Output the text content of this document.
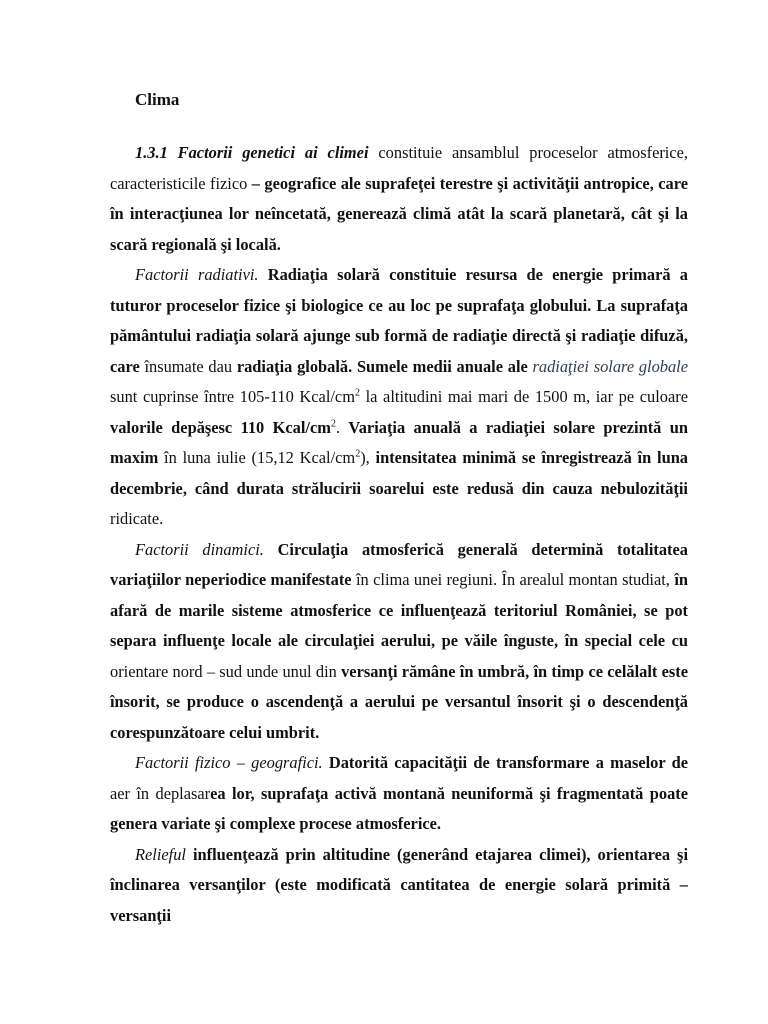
Clima

1.3.1 Factorii genetici ai climei constituie ansamblul proceselor atmosferice, caracteristicile fizico – geografice ale suprafeţei terestre şi activităţii antropice, care în interacţiunea lor neîncetată, generează climă atât la scară planetară, cât şi la scară regională şi locală.

Factorii radiativi. Radiaţia solară constituie resursa de energie primară a tuturor proceselor fizice şi biologice ce au loc pe suprafaţa globului. La suprafaţa pământului radiaţia solară ajunge sub formă de radiaţie directă şi radiaţie difuză, care însumate dau radiaţia globală. Sumele medii anuale ale radiaţiei solare globale sunt cuprinse între 105-110 Kcal/$cm^2$ la altitudini mai mari de 1500 m, iar pe culoare valorile depăşesc 110 Kcal/$cm^2$. Variaţia anuală a radiaţiei solare prezintă un maxim în luna iulie (15,12 Kcal/$cm^2$), intensitatea minimă se înregistrează în luna decembrie, când durata strălucirii soarelui este redusă din cauza nebulozităţii ridicate.

Factorii dinamici. Circulaţia atmosferică generală determină totalitatea variaţiilor neperiodice manifestate în clima unei regiuni. În arealul montan studiat, în afară de marile sisteme atmosferice ce influenţează teritoriul României, se pot separa influenţe locale ale circulaţiei aerului, pe văile înguste, în special cele cu orientare nord – sud unde unul din versanţi rămâne în umbră, în timp ce celălalt este însorit, se produce o ascendenţă a aerului pe versantul însorit şi o descendenţă corespunzătoare celui umbrit.

Factorii fizico – geografici. Datorită capacităţii de transformare a maselor de aer în deplasarea lor, suprafaţa activă montană neuniformă şi fragmentată poate genera variate şi complexe procese atmosferice.

Relieful influenţează prin altitudine (generând etajarea climei), orientarea şi înclinarea versanţilor (este modificată cantitatea de energie solară primită – versanţii
